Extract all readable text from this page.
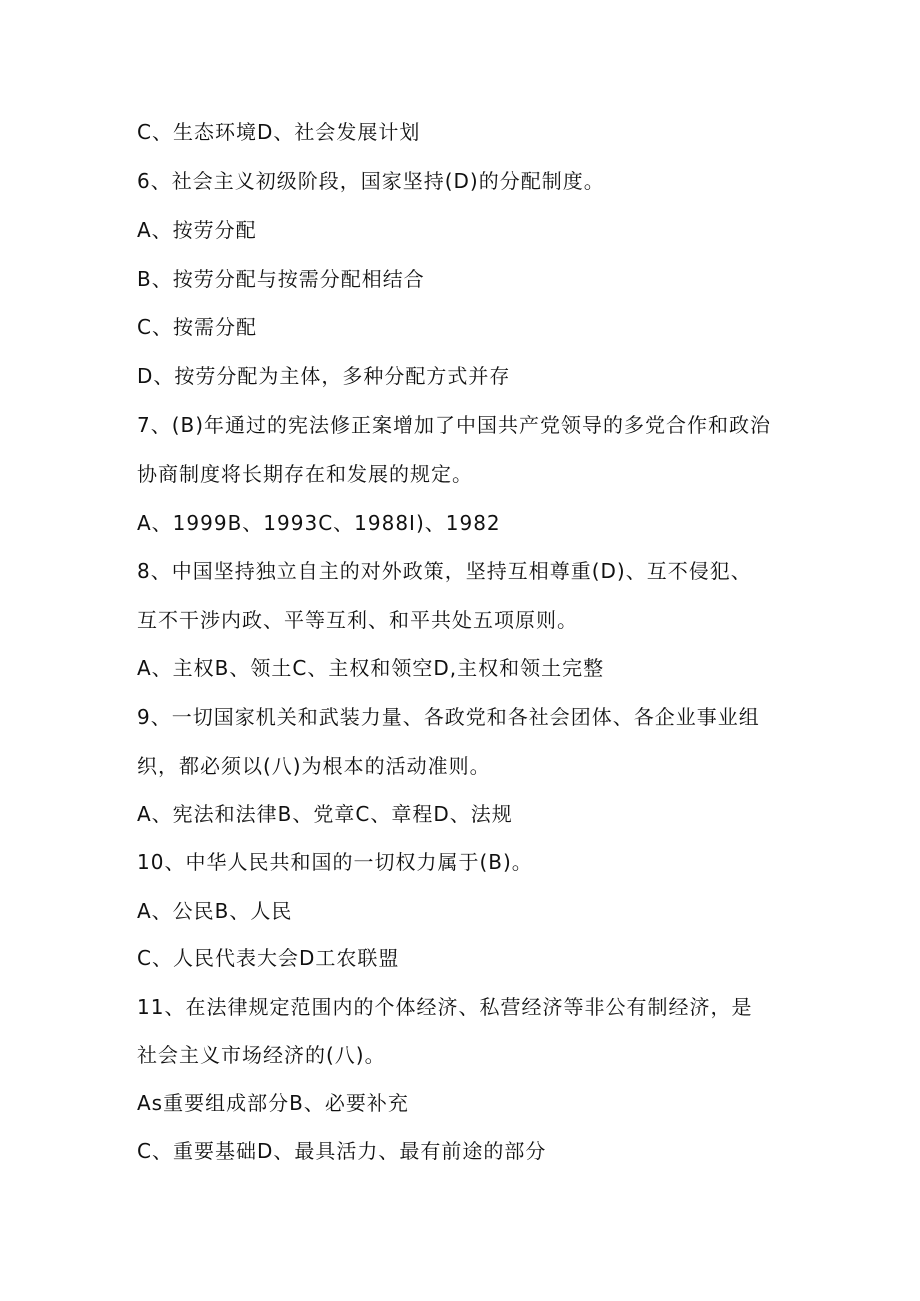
C、生态环境D、社会发展计划
6、社会主义初级阶段，国家坚持(D)的分配制度。
A、按劳分配
B、按劳分配与按需分配相结合
C、按需分配
D、按劳分配为主体，多种分配方式并存
7、(B)年通过的宪法修正案增加了中国共产党领导的多党合作和政治
协商制度将长期存在和发展的规定。
A、1999B、1993C、1988I)、1982
8、中国坚持独立自主的对外政策，坚持互相尊重(D)、互不侵犯、
互不干涉内政、平等互利、和平共处五项原则。
A、主权B、领土C、主权和领空D,主权和领土完整
9、一切国家机关和武装力量、各政党和各社会团体、各企业事业组
织，都必须以(八)为根本的活动准则。
A、宪法和法律B、党章C、章程D、法规
10、中华人民共和国的一切权力属于(B)。
A、公民B、人民
C、人民代表大会D工农联盟
11、在法律规定范围内的个体经济、私营经济等非公有制经济，是
社会主义市场经济的(八)。
As重要组成部分B、必要补充
C、重要基础D、最具活力、最有前途的部分
